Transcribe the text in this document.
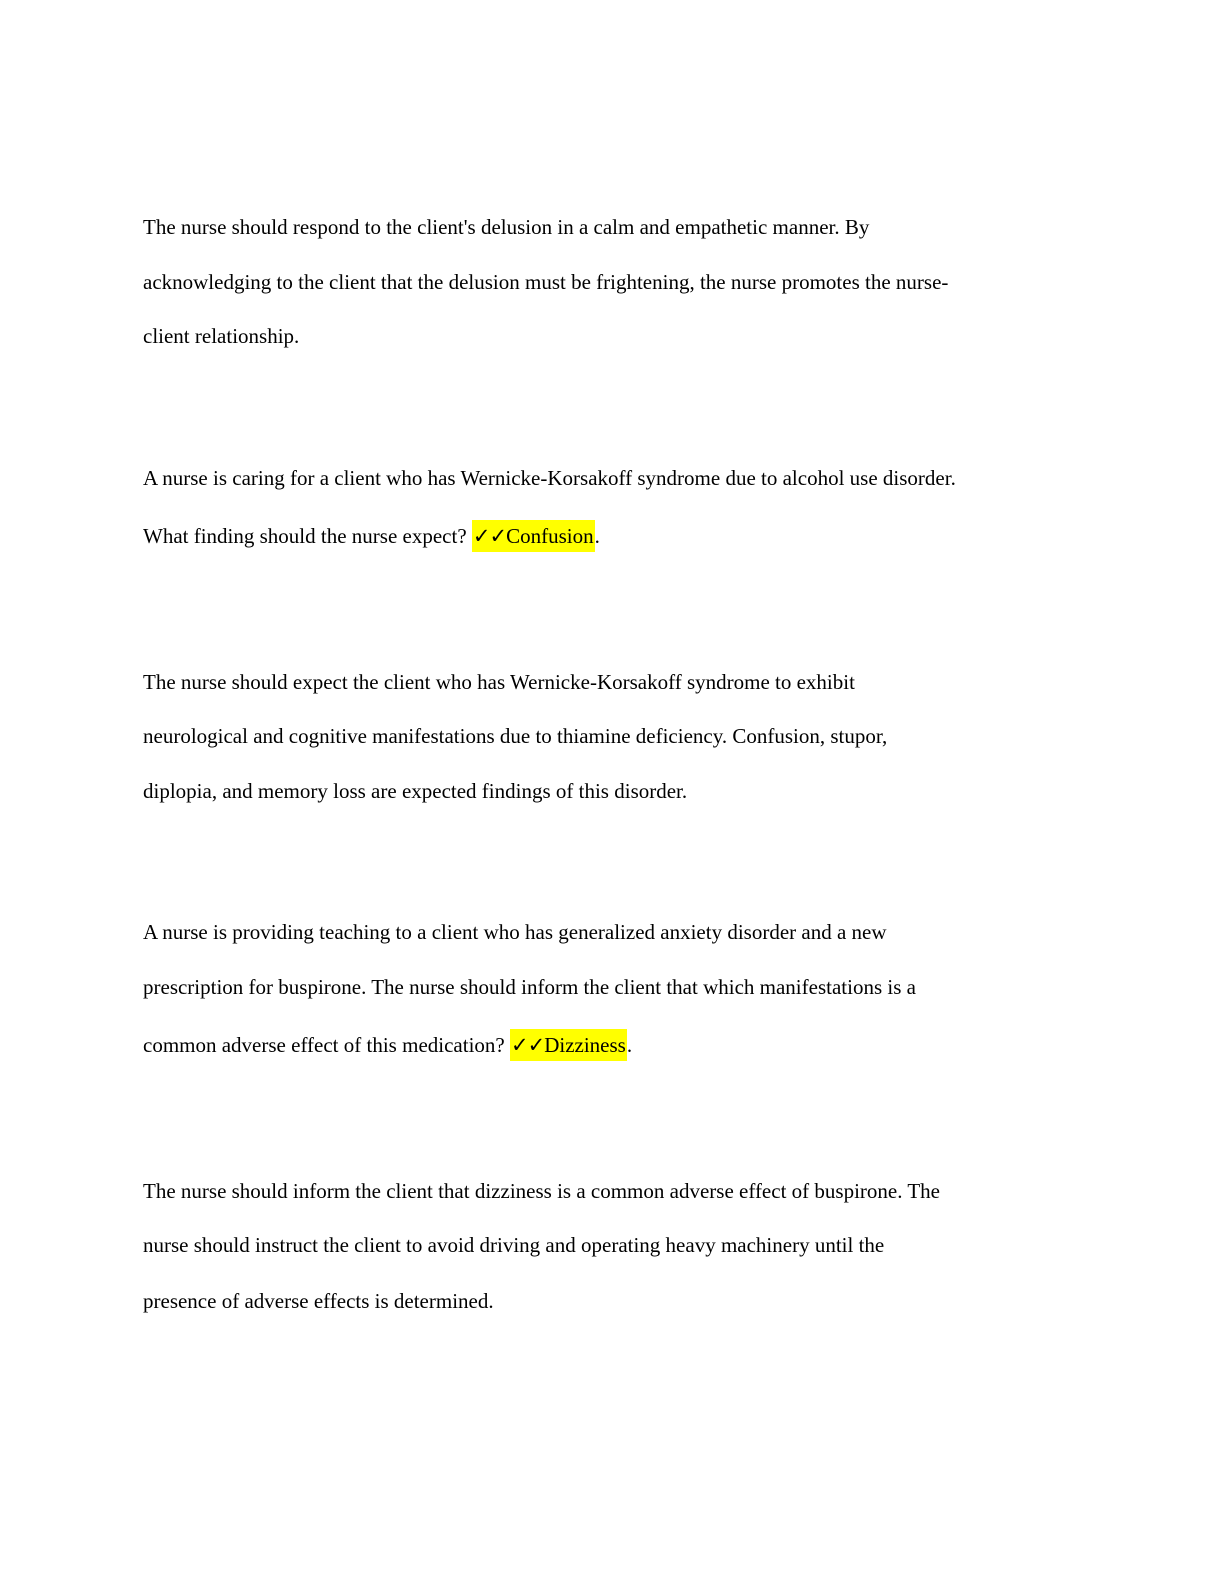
The nurse should respond to the client's delusion in a calm and empathetic manner. By
acknowledging to the client that the delusion must be frightening, the nurse promotes the nurse-
client relationship.
A nurse is caring for a client who has Wernicke-Korsakoff syndrome due to alcohol use disorder.
What finding should the nurse expect? ✓✓Confusion.
The nurse should expect the client who has Wernicke-Korsakoff syndrome to exhibit
neurological and cognitive manifestations due to thiamine deficiency. Confusion, stupor,
diplopia, and memory loss are expected findings of this disorder.
A nurse is providing teaching to a client who has generalized anxiety disorder and a new
prescription for buspirone. The nurse should inform the client that which manifestations is a
common adverse effect of this medication? ✓✓Dizziness.
The nurse should inform the client that dizziness is a common adverse effect of buspirone. The
nurse should instruct the client to avoid driving and operating heavy machinery until the
presence of adverse effects is determined.
